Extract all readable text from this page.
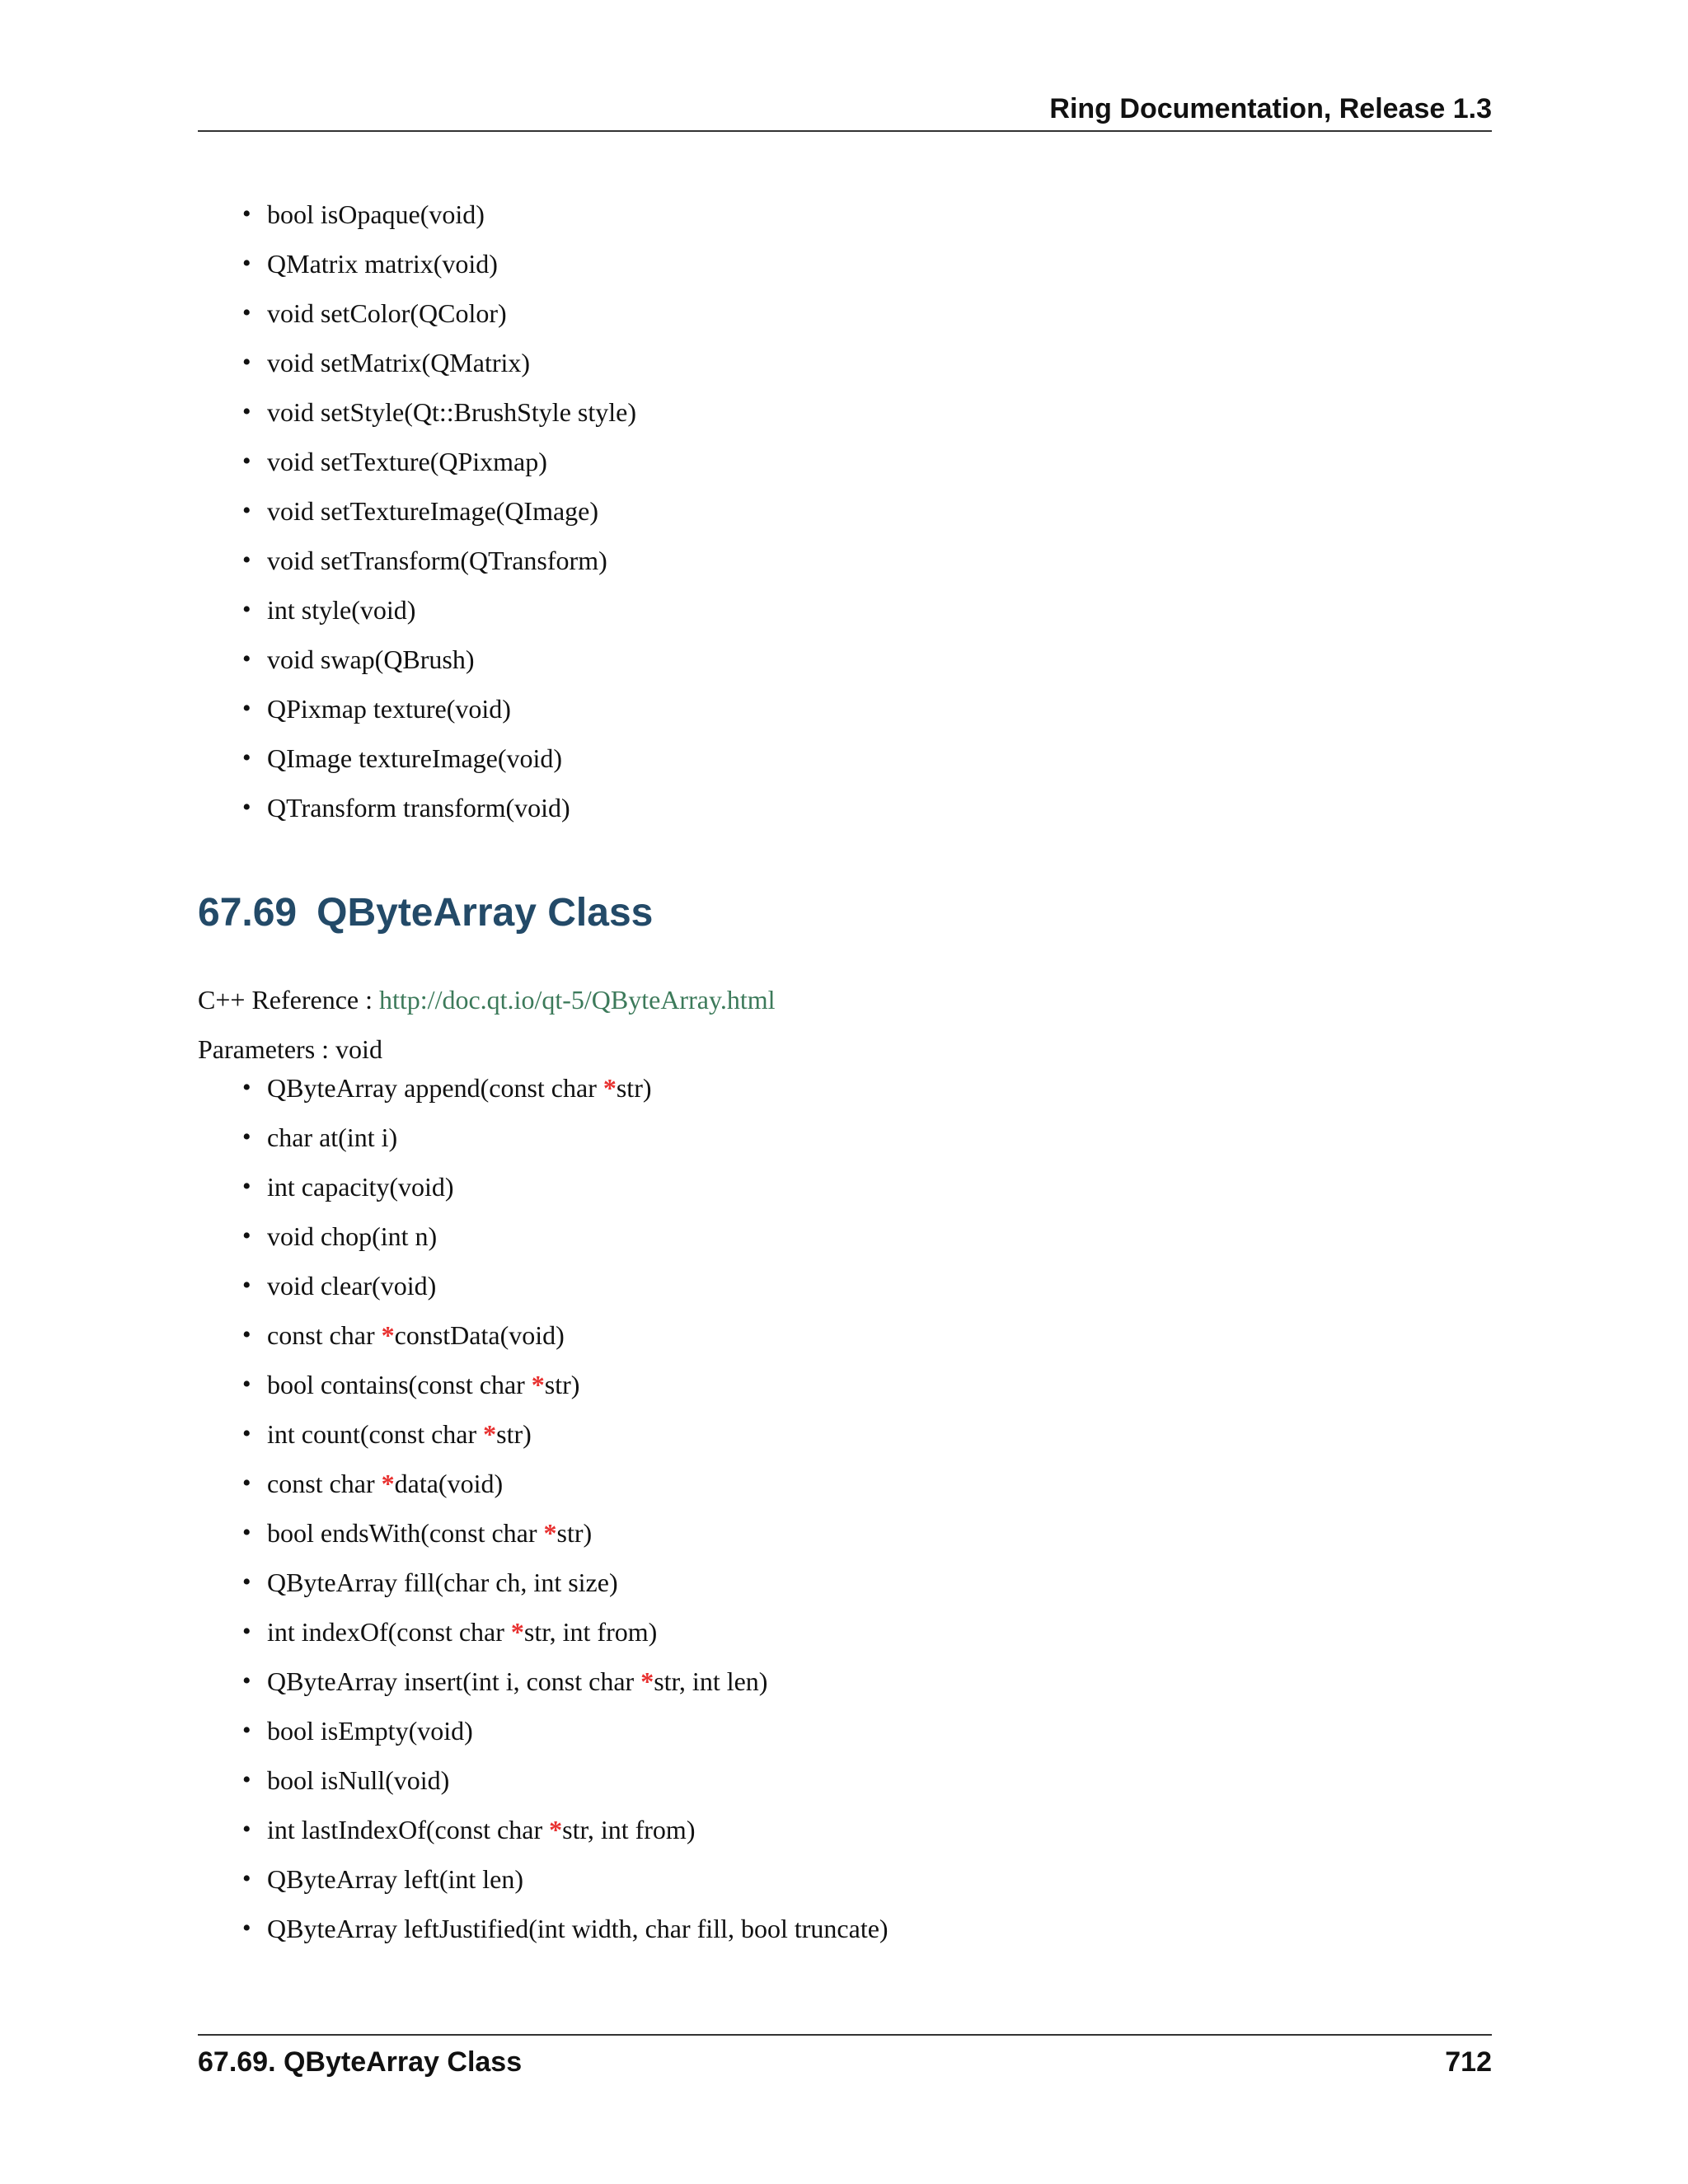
Ring Documentation, Release 1.3
• bool isOpaque(void)
• QMatrix matrix(void)
• void setColor(QColor)
• void setMatrix(QMatrix)
• void setStyle(Qt::BrushStyle style)
• void setTexture(QPixmap)
• void setTextureImage(QImage)
• void setTransform(QTransform)
• int style(void)
• void swap(QBrush)
• QPixmap texture(void)
• QImage textureImage(void)
• QTransform transform(void)
67.69 QByteArray Class
C++ Reference : http://doc.qt.io/qt-5/QByteArray.html
Parameters : void
• QByteArray append(const char *str)
• char at(int i)
• int capacity(void)
• void chop(int n)
• void clear(void)
• const char *constData(void)
• bool contains(const char *str)
• int count(const char *str)
• const char *data(void)
• bool endsWith(const char *str)
• QByteArray fill(char ch, int size)
• int indexOf(const char *str, int from)
• QByteArray insert(int i, const char *str, int len)
• bool isEmpty(void)
• bool isNull(void)
• int lastIndexOf(const char *str, int from)
• QByteArray left(int len)
• QByteArray leftJustified(int width, char fill, bool truncate)
67.69. QByteArray Class	712
